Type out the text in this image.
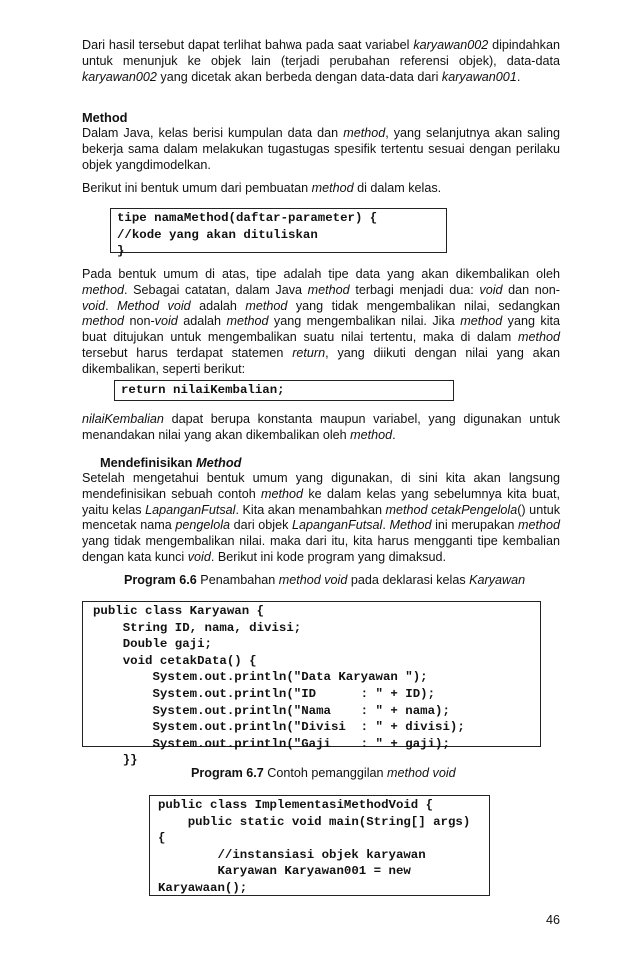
Dari hasil tersebut dapat terlihat bahwa pada saat variabel karyawan002 dipindahkan untuk menunjuk ke objek lain (terjadi perubahan referensi objek), data-data karyawan002 yang dicetak akan berbeda dengan data-data dari karyawan001.

Method

Dalam Java, kelas berisi kumpulan data dan method, yang selanjutnya akan saling bekerja sama dalam melakukan tugastugas spesifik tertentu sesuai dengan perilaku objek yangdimodelkan.

Berikut ini bentuk umum dari pembuatan method di dalam kelas.

tipe namaMethod(daftar-parameter) {
//kode yang akan dituliskan
}

Pada bentuk umum di atas, tipe adalah tipe data yang akan dikembalikan oleh method. Sebagai catatan, dalam Java method terbagi menjadi dua: void dan non-void. Method void adalah method yang tidak mengembalikan nilai, sedangkan method non-void adalah method yang mengembalikan nilai. Jika method yang kita buat ditujukan untuk mengembalikan suatu nilai tertentu, maka di dalam method tersebut harus terdapat statemen return, yang diikuti dengan nilai yang akan dikembalikan, seperti berikut:

return nilaiKembalian;

nilaiKembalian dapat berupa konstanta maupun variabel, yang digunakan untuk menandakan nilai yang akan dikembalikan oleh method.

Mendefinisikan Method

Setelah mengetahui bentuk umum yang digunakan, di sini kita akan langsung mendefinisikan sebuah contoh method ke dalam kelas yang sebelumnya kita buat, yaitu kelas LapanganFutsal. Kita akan menambahkan method cetakPengelola() untuk mencetak nama pengelola dari objek LapanganFutsal. Method ini merupakan method yang tidak mengembalikan nilai. maka dari itu, kita harus mengganti tipe kembalian dengan kata kunci void. Berikut ini kode program yang dimaksud.

Program 6.6 Penambahan method void pada deklarasi kelas Karyawan

public class Karyawan {
String ID, nama, divisi;
Double gaji;
void cetakData() {
System.out.println("Data Karyawan ");
System.out.println("ID      : " + ID);
System.out.println("Nama    : " + nama);
System.out.println("Divisi  : " + divisi);
System.out.println("Gaji    : " + gaji);
}}

Program 6.7 Contoh pemanggilan method void

public class ImplementasiMethodVoid {
public static void main(String[] args)
{
//instansiasi objek karyawan
Karyawan Karyawan001 = new
Karyawaan();

46
